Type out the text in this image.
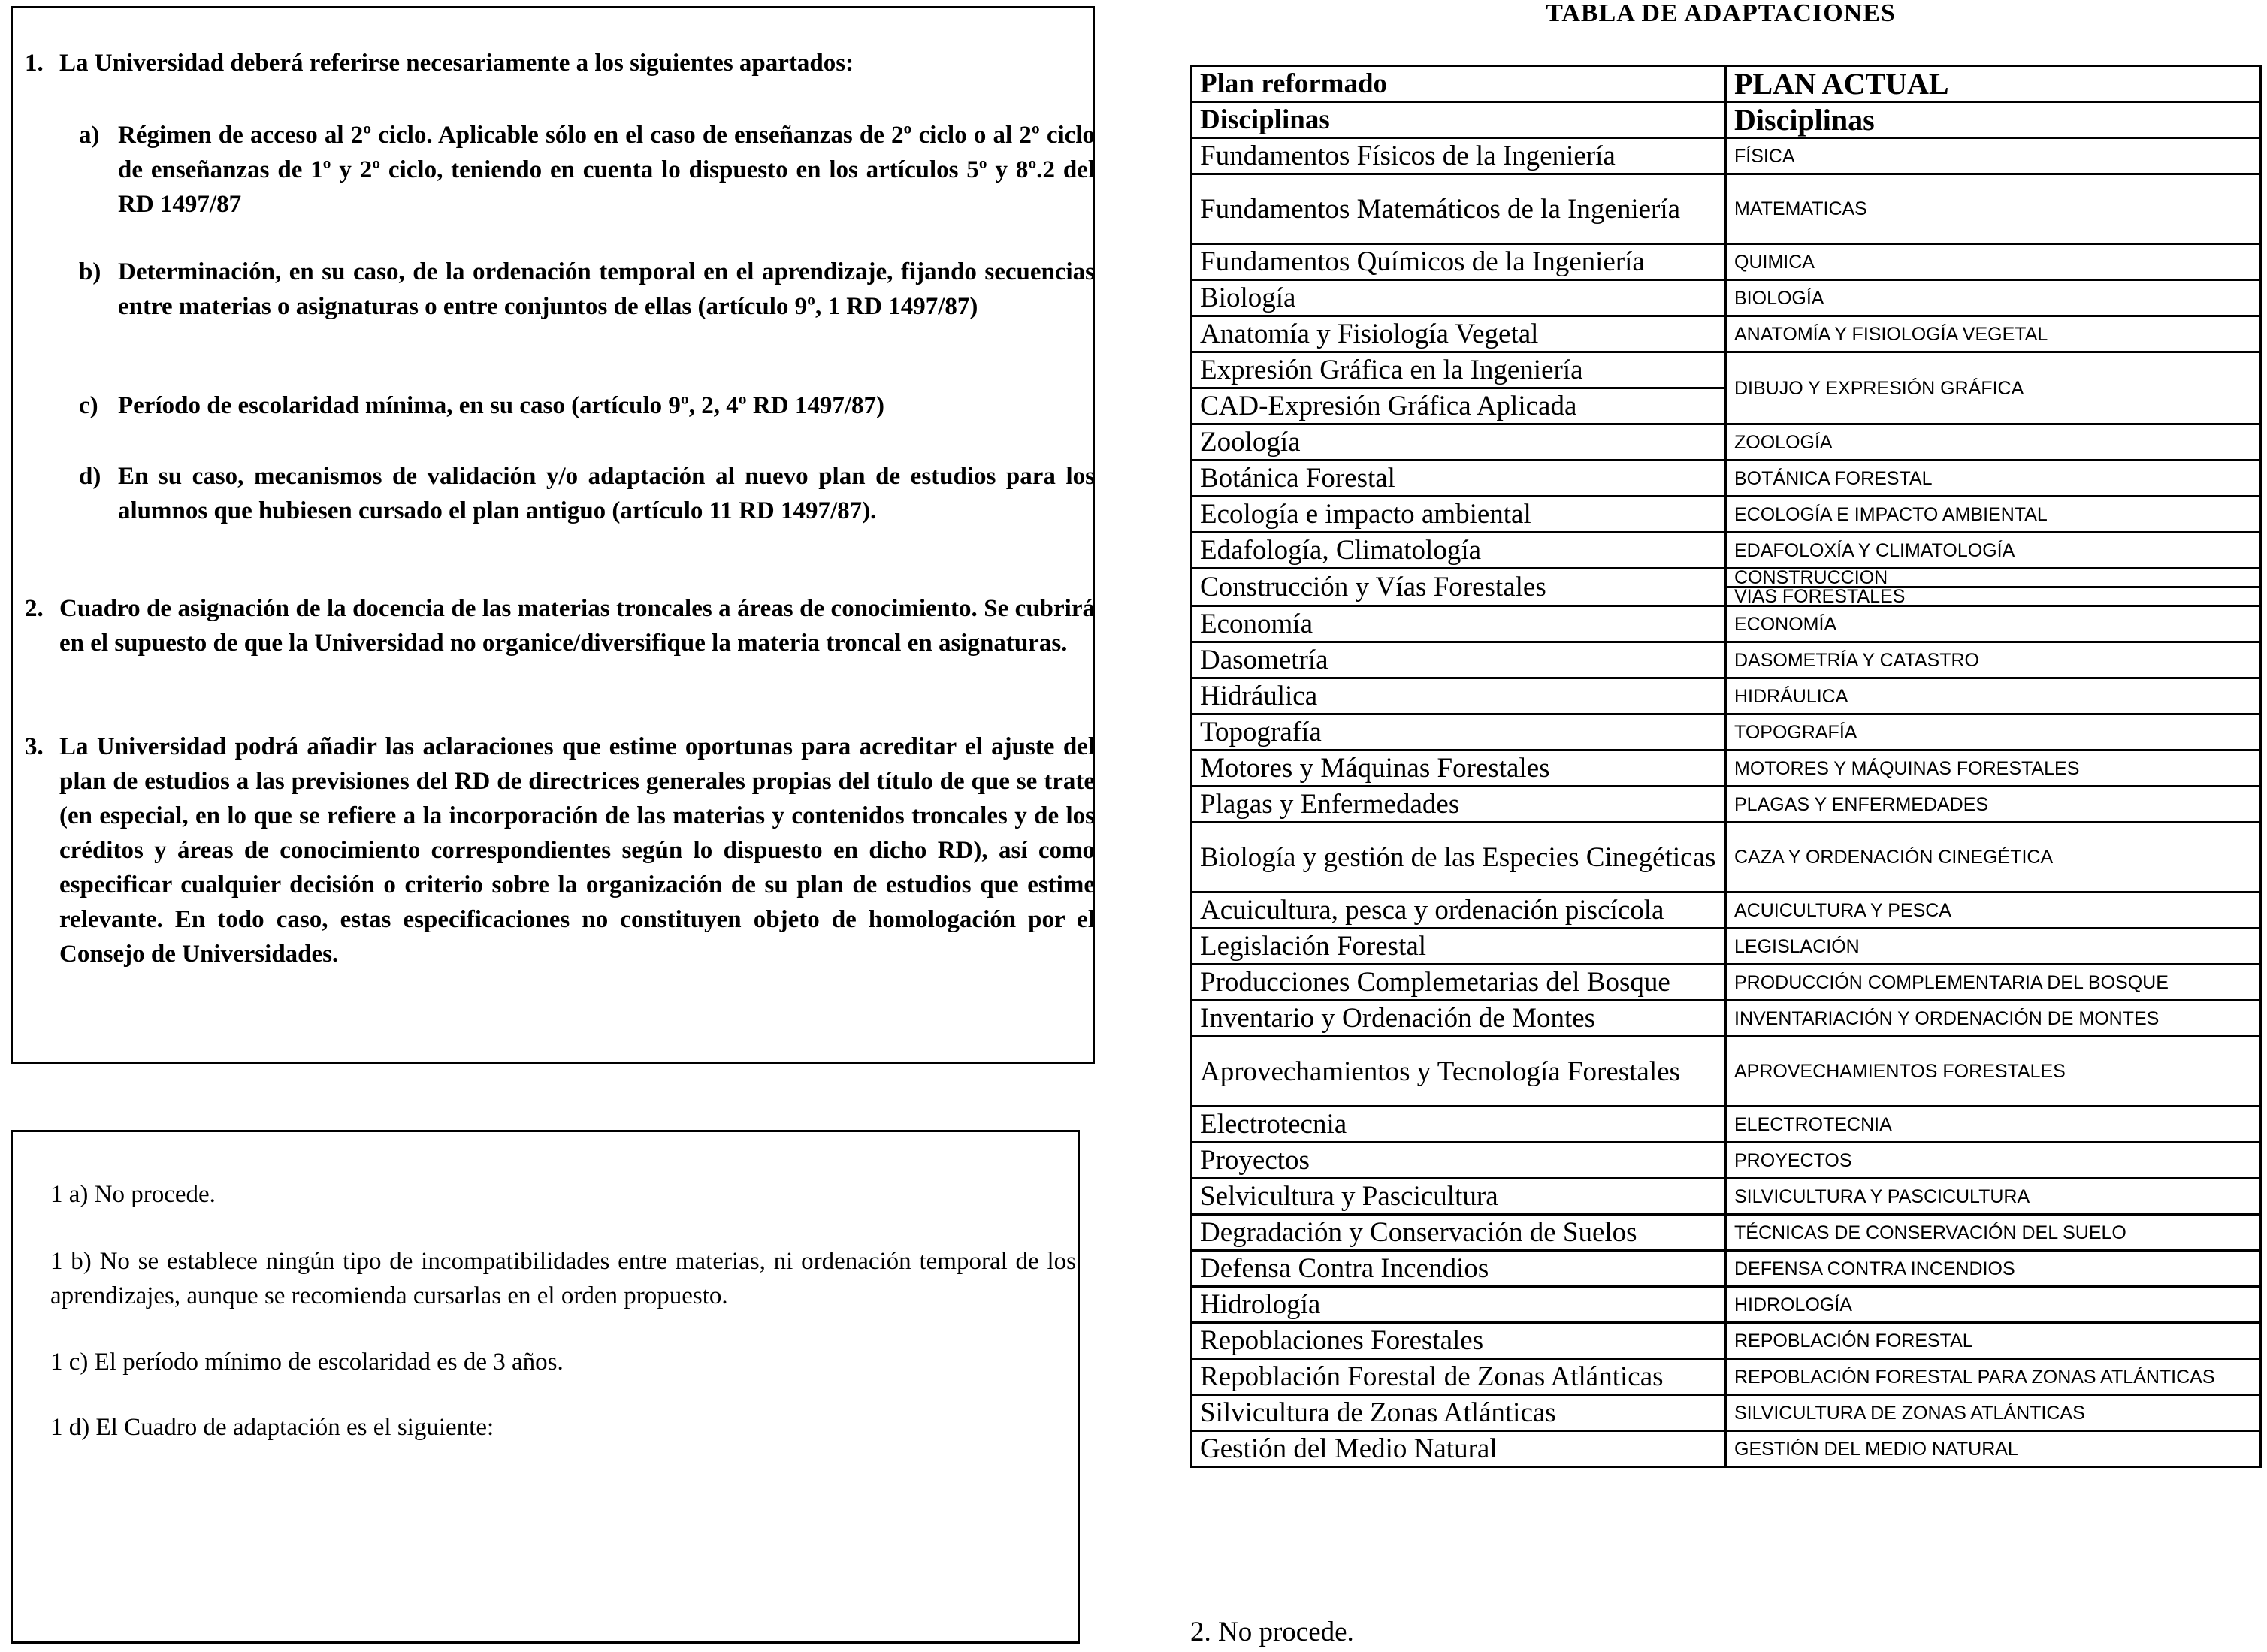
1. La Universidad deberá referirse necesariamente a los siguientes apartados:
a) Régimen de acceso al 2º ciclo. Aplicable sólo en el caso de enseñanzas de 2º ciclo o al 2º ciclo de enseñanzas de 1º y 2º ciclo, teniendo en cuenta lo dispuesto en los artículos 5º y 8º.2 del RD 1497/87
b) Determinación, en su caso, de la ordenación temporal en el aprendizaje, fijando secuencias entre materias o asignaturas o entre conjuntos de ellas (artículo 9º, 1 RD 1497/87)
c) Período de escolaridad mínima, en su caso (artículo 9º, 2, 4º RD 1497/87)
d) En su caso, mecanismos de validación y/o adaptación al nuevo plan de estudios para los alumnos que hubiesen cursado el plan antiguo (artículo 11 RD 1497/87).
2. Cuadro de asignación de la docencia de las materias troncales a áreas de conocimiento. Se cubrirá en el supuesto de que la Universidad no organice/diversifique la materia troncal en asignaturas.
3. La Universidad podrá añadir las aclaraciones que estime oportunas para acreditar el ajuste del plan de estudios a las previsiones del RD de directrices generales propias del título de que se trate (en especial, en lo que se refiere a la incorporación de las materias y contenidos troncales y de los créditos y áreas de conocimiento correspondientes según lo dispuesto en dicho RD), así como especificar cualquier decisión o criterio sobre la organización de su plan de estudios que estime relevante. En todo caso, estas especificaciones no constituyen objeto de homologación por el Consejo de Universidades.
1 a) No procede.
1 b) No se establece ningún tipo de incompatibilidades entre materias, ni ordenación temporal de los aprendizajes, aunque se recomienda cursarlas en el orden propuesto.
1 c) El período mínimo de escolaridad es de 3 años.
1 d) El Cuadro de adaptación es el siguiente:
TABLA DE ADAPTACIONES
Plan reformado	PLAN ACTUAL
Disciplinas	Disciplinas
Fundamentos Físicos de la Ingeniería	FÍSICA
Fundamentos Matemáticos de la Ingeniería	MATEMATICAS
Fundamentos Químicos de la Ingeniería	QUIMICA
Biología	BIOLOGÍA
Anatomía y Fisiología Vegetal	ANATOMÍA Y FISIOLOGÍA VEGETAL
Expresión Gráfica en la Ingeniería	DIBUJO Y EXPRESIÓN GRÁFICA
CAD-Expresión Gráfica Aplicada	
Zoología	ZOOLOGÍA
Botánica Forestal	BOTÁNICA FORESTAL
Ecología e impacto ambiental	ECOLOGÍA E IMPACTO AMBIENTAL
Edafología, Climatología	EDAFOLOXÍA Y CLIMATOLOGÍA
Construcción y Vías Forestales	CONSTRUCCIÓN
VIAS FORESTALES

Economía	ECONOMÍA
Dasometría	DASOMETRÍA Y CATASTRO
Hidráulica	HIDRÁULICA
Topografía	TOPOGRAFÍA
Motores y Máquinas Forestales	MOTORES Y MÁQUINAS FORESTALES
Plagas y Enfermedades	PLAGAS Y ENFERMEDADES
Biología y gestión de las Especies Cinegéticas	CAZA Y ORDENACIÓN CINEGÉTICA
Acuicultura, pesca y ordenación piscícola	ACUICULTURA Y PESCA
Legislación Forestal	LEGISLACIÓN
Producciones Complemetarias del Bosque	PRODUCCIÓN COMPLEMENTARIA DEL BOSQUE
Inventario y Ordenación de Montes	INVENTARIACIÓN Y ORDENACIÓN DE MONTES
Aprovechamientos y Tecnología Forestales	APROVECHAMIENTOS FORESTALES
Electrotecnia	ELECTROTECNIA
Proyectos	PROYECTOS
Selvicultura y Pascicultura	SILVICULTURA Y PASCICULTURA
Degradación y Conservación de Suelos	TÉCNICAS DE CONSERVACIÓN DEL SUELO
Defensa Contra Incendios	DEFENSA CONTRA INCENDIOS
Hidrología	HIDROLOGÍA
Repoblaciones Forestales	REPOBLACIÓN FORESTAL
Repoblación Forestal de Zonas Atlánticas	REPOBLACIÓN FORESTAL PARA ZONAS ATLÁNTICAS
Silvicultura de Zonas Atlánticas	SILVICULTURA DE ZONAS ATLÁNTICAS
Gestión del Medio Natural	GESTIÓN DEL MEDIO NATURAL
2. No procede.
